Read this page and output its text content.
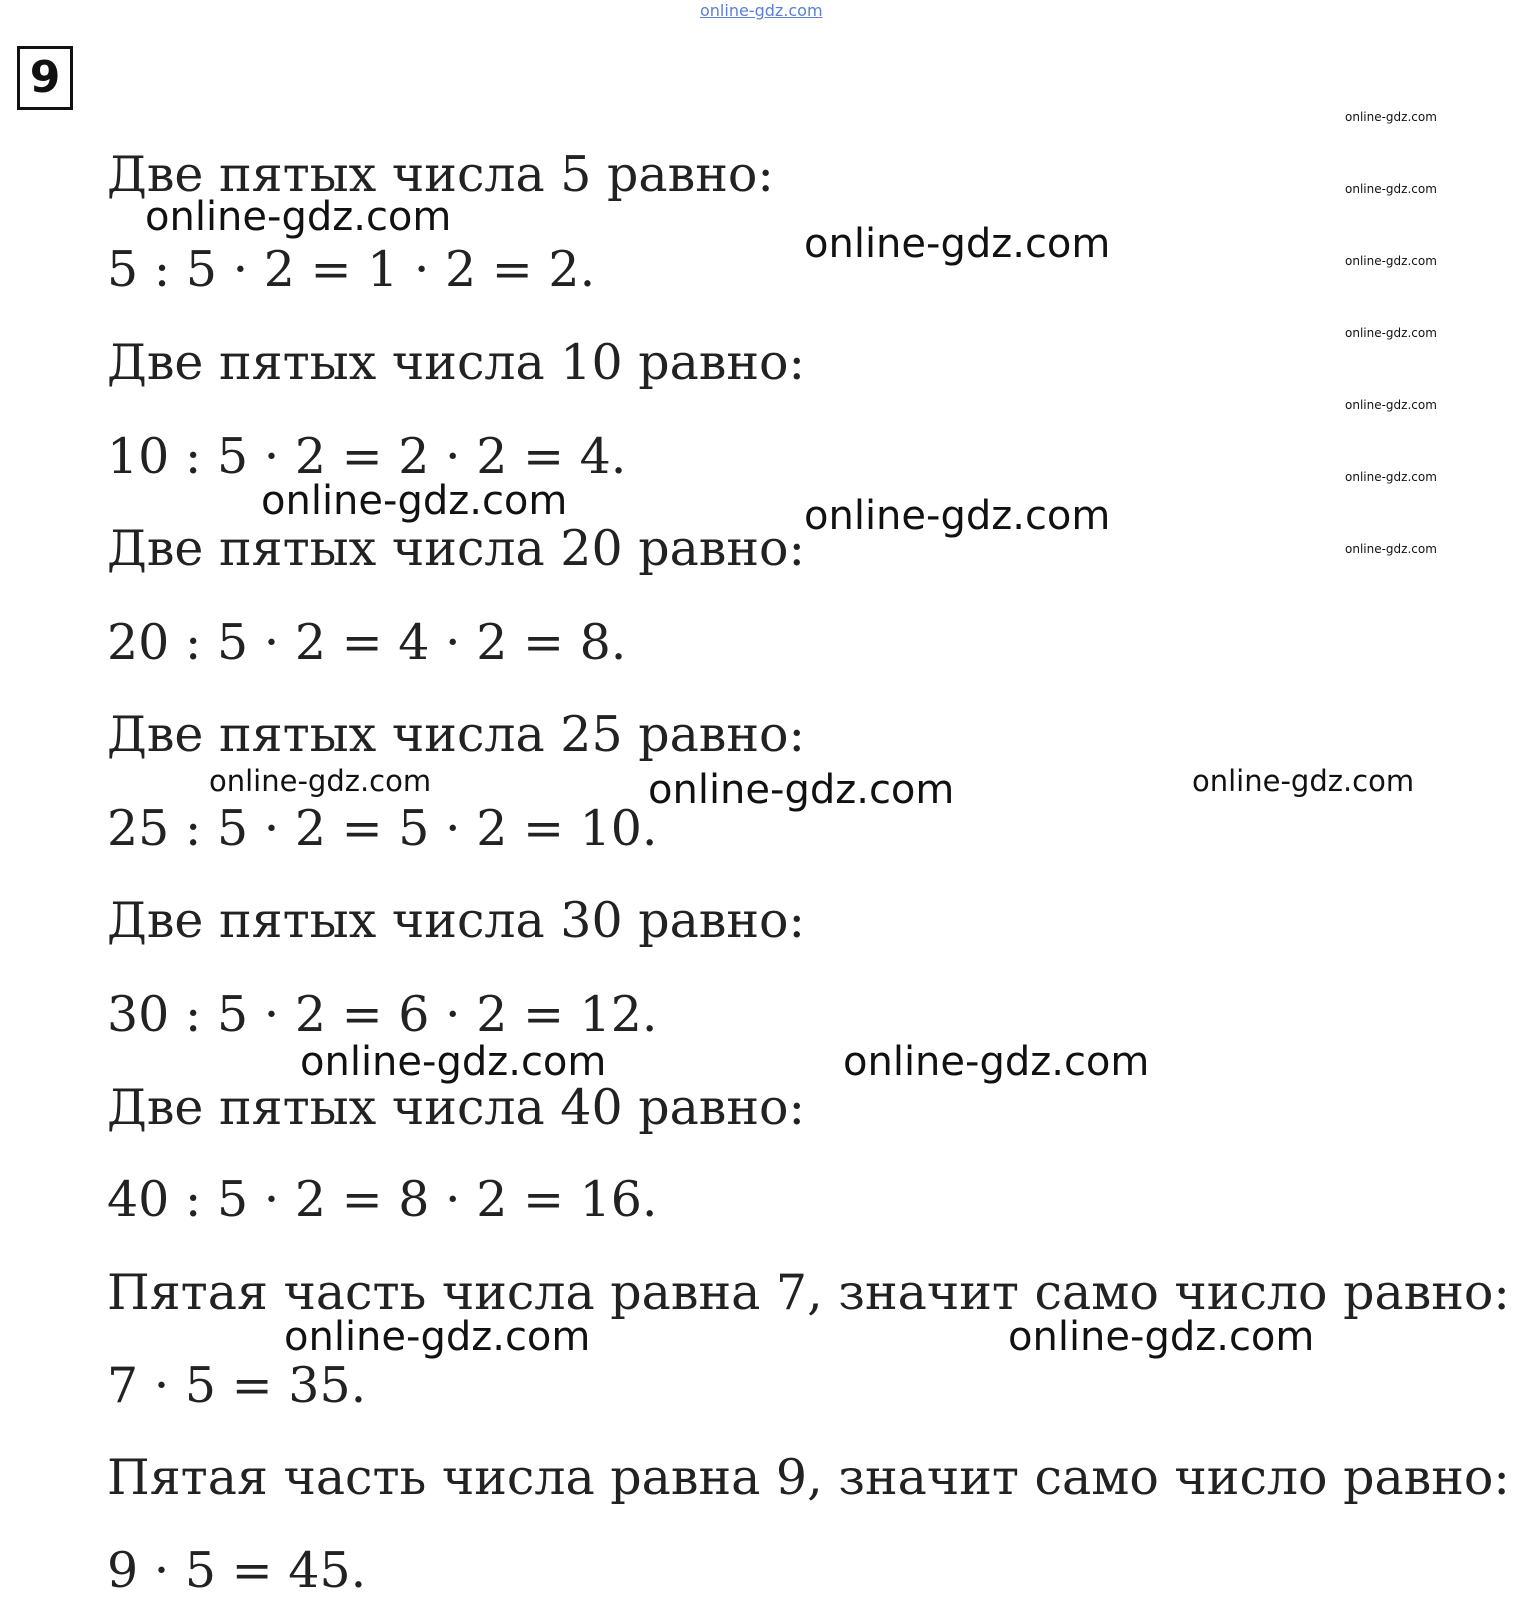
online-gdz.com
9
Две пятых числа 5 равно:
5 : 5 · 2 = 1 · 2 = 2.
Две пятых числа 10 равно:
10 : 5 · 2 = 2 · 2 = 4.
Две пятых числа 20 равно:
20 : 5 · 2 = 4 · 2 = 8.
Две пятых числа 25 равно:
25 : 5 · 2 = 5 · 2 = 10.
Две пятых числа 30 равно:
30 : 5 · 2 = 6 · 2 = 12.
Две пятых числа 40 равно:
40 : 5 · 2 = 8 · 2 = 16.
Пятая часть числа равна 7, значит само число равно:
7 · 5 = 35.
Пятая часть числа равна 9, значит само число равно:
9 · 5 = 45.
online-gdz.com
online-gdz.com
online-gdz.com
online-gdz.com
online-gdz.com
online-gdz.com
online-gdz.com
online-gdz.com
online-gdz.com
online-gdz.com	online-gdz.com
online-gdz.com	online-gdz.com	online-gdz.com
online-gdz.com	online-gdz.com
online-gdz.com	online-gdz.com
